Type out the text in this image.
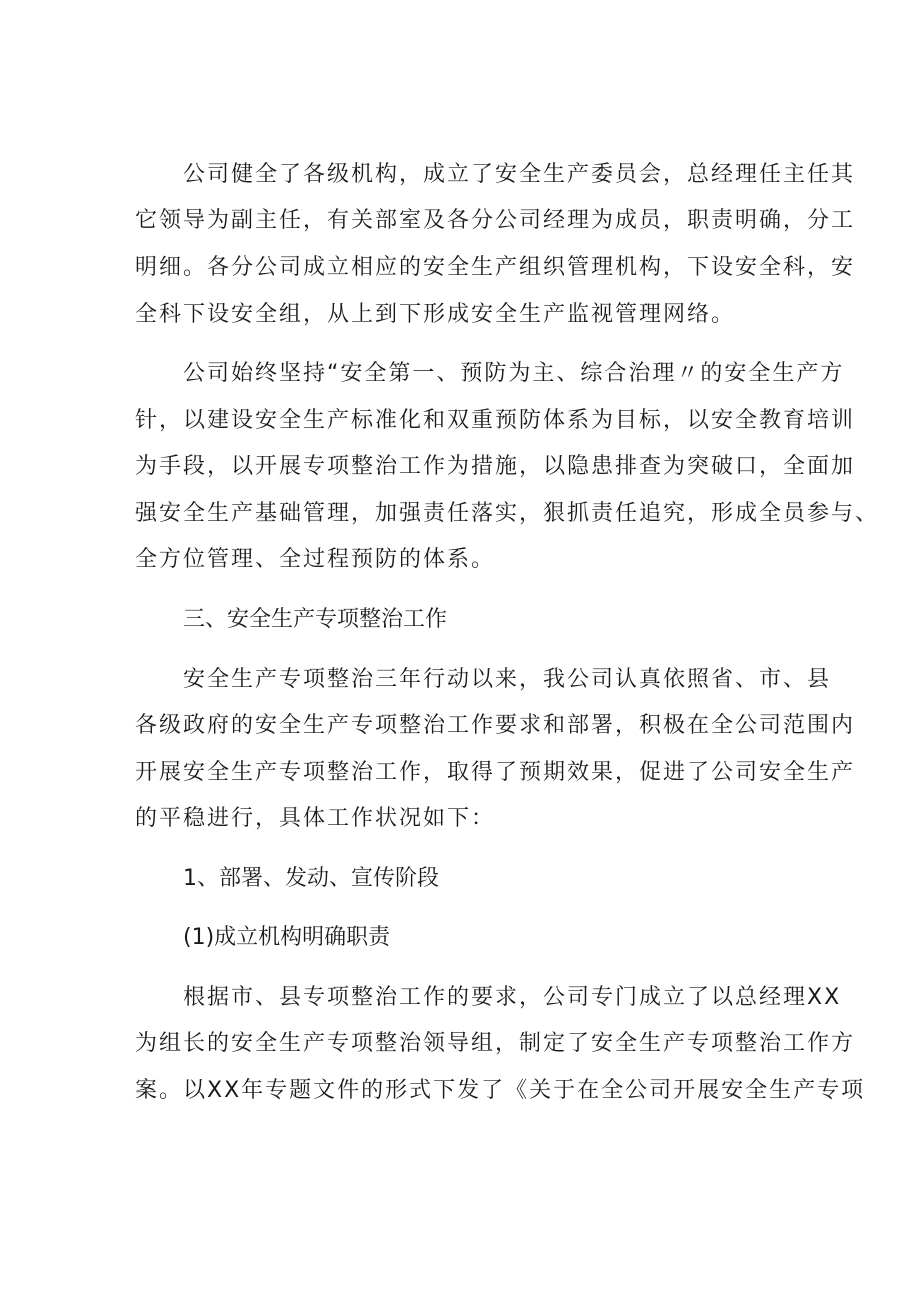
公司健全了各级机构，成立了安全生产委员会，总经理任主任其
它领导为副主任，有关部室及各分公司经理为成员，职责明确，分工
明细。各分公司成立相应的安全生产组织管理机构，下设安全科，安
全科下设安全组，从上到下形成安全生产监视管理网络。
公司始终坚持“安全第一、预防为主、综合治理〃的安全生产方
针，以建设安全生产标准化和双重预防体系为目标，以安全教育培训
为手段，以开展专项整治工作为措施，以隐患排查为突破口，全面加
强安全生产基础管理，加强责任落实，狠抓责任追究，形成全员参与、
全方位管理、全过程预防的体系。
三、安全生产专项整治工作
安全生产专项整治三年行动以来，我公司认真依照省、市、县
各级政府的安全生产专项整治工作要求和部署，积极在全公司范围内
开展安全生产专项整治工作，取得了预期效果，促进了公司安全生产
的平稳进行，具体工作状况如下：
1、部署、发动、宣传阶段
(1)成立机构明确职责
根据市、县专项整治工作的要求，公司专门成立了以总经理XX
为组长的安全生产专项整治领导组，制定了安全生产专项整治工作方
案。以XX年专题文件的形式下发了《关于在全公司开展安全生产专项
